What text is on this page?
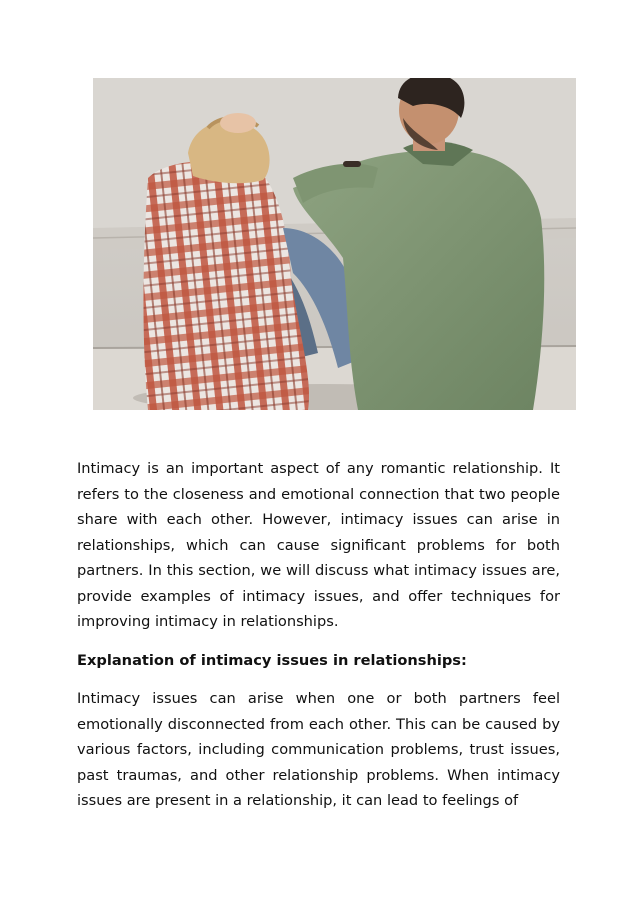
Intimacy is an important aspect of any romantic relationship. It refers to the closeness and emotional connection that two people share with each other. However, intimacy issues can arise in relationships, which can cause significant problems for both partners. In this section, we will discuss what intimacy issues are, provide examples of intimacy issues, and offer techniques for improving intimacy in relationships.

Explanation of intimacy issues in relationships:

Intimacy issues can arise when one or both partners feel emotionally disconnected from each other. This can be caused by various factors, including communication problems, trust issues, past traumas, and other relationship problems. When intimacy issues are present in a relationship, it can lead to feelings of
